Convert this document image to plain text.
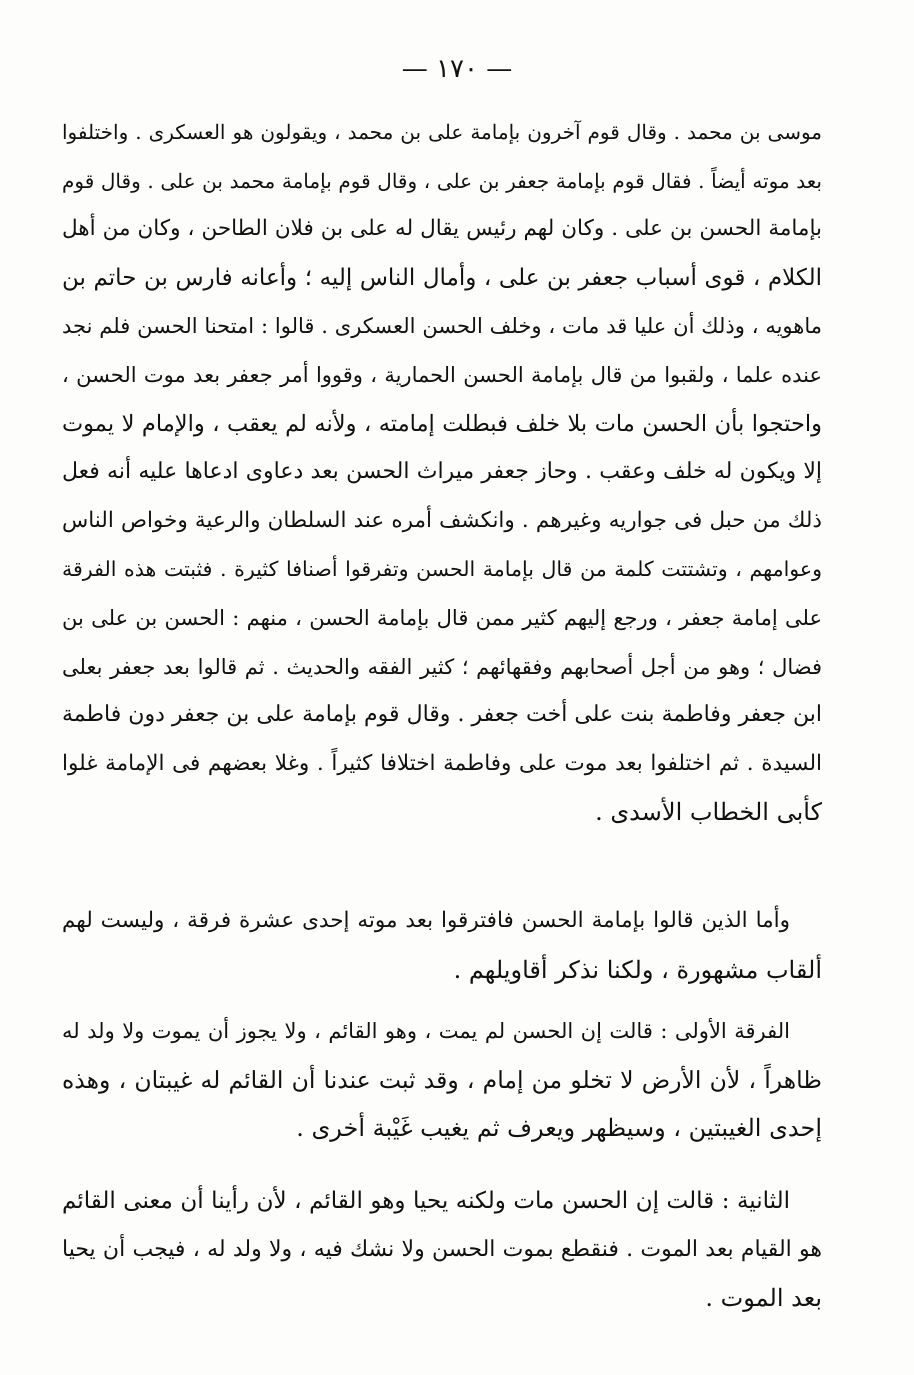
— ١٧٠ —
موسى بن محمد . وقال قوم آخرون بإمامة على بن محمد ، ويقولون هو العسكرى . واختلفوا
بعد موته أيضاً . فقال قوم بإمامة جعفر بن على ، وقال قوم بإمامة محمد بن على . وقال قوم
بإمامة الحسن بن على . وكان لهم رئيس يقال له على بن فلان الطاحن ، وكان من أهل
الكلام ، قوى أسباب جعفر بن على ، وأمال الناس إليه ؛ وأعانه فارس بن حاتم بن
ماهويه ، وذلك أن عليا قد مات ، وخلف الحسن العسكرى . قالوا : امتحنا الحسن فلم نجد
عنده علما ، ولقبوا من قال بإمامة الحسن الحمارية ، وقووا أمر جعفر بعد موت الحسن ،
واحتجوا بأن الحسن مات بلا خلف فبطلت إمامته ، ولأنه لم يعقب ، والإمام لا يموت
إلا ويكون له خلف وعقب . وحاز جعفر ميراث الحسن بعد دعاوى ادعاها عليه أنه فعل
ذلك من حبل فى جواريه وغيرهم . وانكشف أمره عند السلطان والرعية وخواص الناس
وعوامهم ، وتشتتت كلمة من قال بإمامة الحسن وتفرقوا أصنافا كثيرة . فثبتت هذه الفرقة
على إمامة جعفر ، ورجع إليهم كثير ممن قال بإمامة الحسن ، منهم : الحسن بن على بن
فضال ؛ وهو من أجل أصحابهم وفقهائهم ؛ كثير الفقه والحديث . ثم قالوا بعد جعفر بعلى
ابن جعفر وفاطمة بنت على أخت جعفر . وقال قوم بإمامة على بن جعفر دون فاطمة
السيدة . ثم اختلفوا بعد موت على وفاطمة اختلافا كثيراً . وغلا بعضهم فى الإمامة غلوا
كأبى الخطاب الأسدى .
وأما الذين قالوا بإمامة الحسن فافترقوا بعد موته إحدى عشرة فرقة ، وليست لهم
ألقاب مشهورة ، ولكنا نذكر أقاويلهم .
الفرقة الأولى : قالت إن الحسن لم يمت ، وهو القائم ، ولا يجوز أن يموت ولا ولد له
ظاهراً ، لأن الأرض لا تخلو من إمام ، وقد ثبت عندنا أن القائم له غيبتان ، وهذه
إحدى الغيبتين ، وسيظهر ويعرف ثم يغيب غَيْبة أخرى .
الثانية : قالت إن الحسن مات ولكنه يحيا وهو القائم ، لأن رأينا أن معنى القائم
هو القيام بعد الموت . فنقطع بموت الحسن ولا نشك فيه ، ولا ولد له ، فيجب أن يحيا
بعد الموت .
